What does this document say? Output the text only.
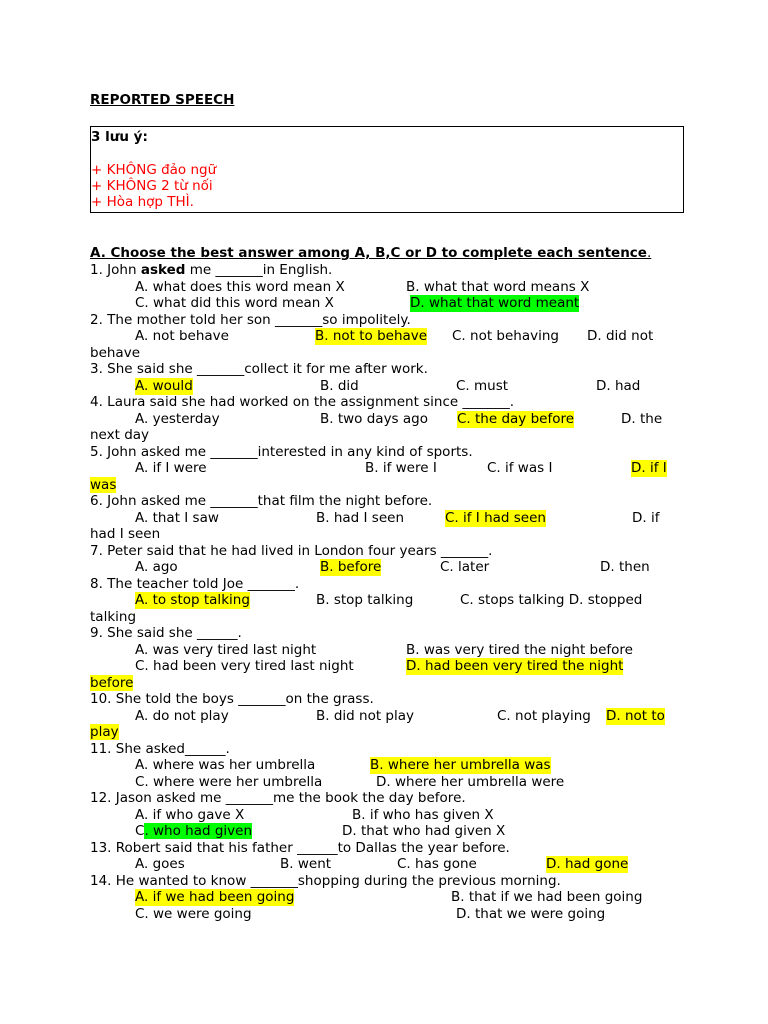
REPORTED SPEECH
3 lưu ý:
+ KHÔNG đảo ngữ
+ KHÔNG 2 từ nối
+ Hòa hợp THÌ.
A. Choose the best answer among A, B,C or D to complete each sentence.
1. John asked me _______in English.
A. what does this word mean X	B. what that word means X
C. what did this word mean X	D. what that word meant
2. The mother told her son _______so impolitely.
A. not behave	B. not to behave C. not behaving D. did not
behave
3. She said she _______collect it for me after work.
A. would	B. did	C. must	D. had
4. Laura said she had worked on the assignment since _______.
A. yesterday	B. two days ago C. the day before	D. the
next day
5. John asked me _______interested in any kind of sports.
A. if I were	B. if were I	C. if was I	D. if I
was
6. John asked me _______that film the night before.
A. that I saw	B. had I seen	C. if I had seen	D. if
had I seen
7. Peter said that he had lived in London four years _______.
A. ago	B. before	C. later	D. then
8. The teacher told Joe _______.
A. to stop talking	B. stop talking	C. stops talking D. stopped
talking
9. She said she ______.
A. was very tired last night	B. was very tired the night before
C. had been very tired last night	D. had been very tired the night
before
10. She told the boys _______on the grass.
A. do not play	B. did not play	C. not playing D. not to
play
11. She asked______.
A. where was her umbrella	B. where her umbrella was
C. where were her umbrella	D. where her umbrella were
12. Jason asked me _______me the book the day before.
A. if who gave X	B. if who has given X
C. who had given	D. that who had given X
13. Robert said that his father ______to Dallas the year before.
A. goes	B. went	C. has gone	D. had gone
14. He wanted to know _______shopping during the previous morning.
A. if we had been going	B. that if we had been going
C. we were going	D. that we were going
